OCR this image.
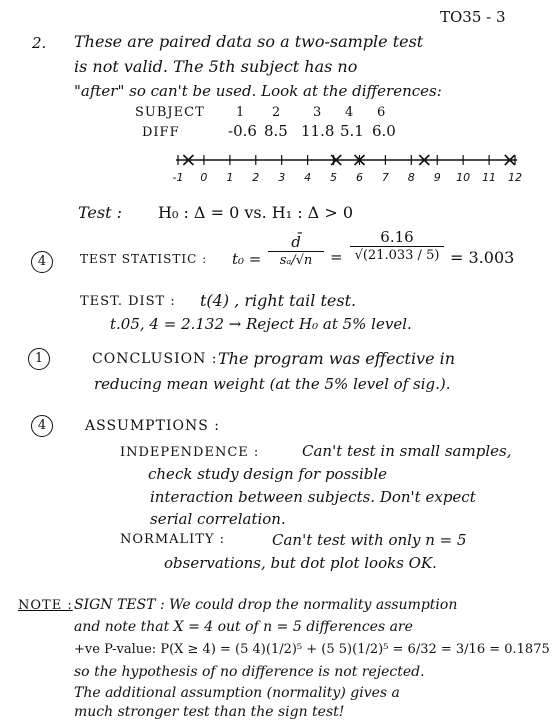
TO35 - 3
2. These are paired data so a two-sample test
is not valid. The 5th subject has no
"after" so can't be used. Look at the differences:
SUBJECT 1 2 3 4 6
DIFF	-0.6 8.5 11.8 5.1 6.0
-1 0 1 2 3 4 5 6 7 8 9 10 11 12
Test : H₀ : Δ = 0 vs. H₁ : Δ > 0
4	TEST STATISTIC : t₀ =
d̄
sₐ/√n	=
6.16
√(21.033 / 5) = 3.003
TEST. DIST : t(4) , right tail test.
t.05, 4 = 2.132 → Reject H₀ at 5% level.
1	CONCLUSION : The program was effective in
reducing mean weight (at the 5% level of sig.).
4	ASSUMPTIONS :
INDEPENDENCE :	Can't test in small samples,
check study design for possible
interaction between subjects. Don't expect
serial correlation.
NORMALITY :	Can't test with only n = 5
observations, but dot plot looks OK.
NOTE : SIGN TEST : We could drop the normality assumption
and note that X = 4 out of n = 5 differences are
+ve P-value: P(X ≥ 4) = (5 4)(1/2)⁵ + (5 5)(1/2)⁵ = 6/32 = 3/16 = 0.1875
so the hypothesis of no difference is not rejected.
The additional assumption (normality) gives a
much stronger test than the sign test!
